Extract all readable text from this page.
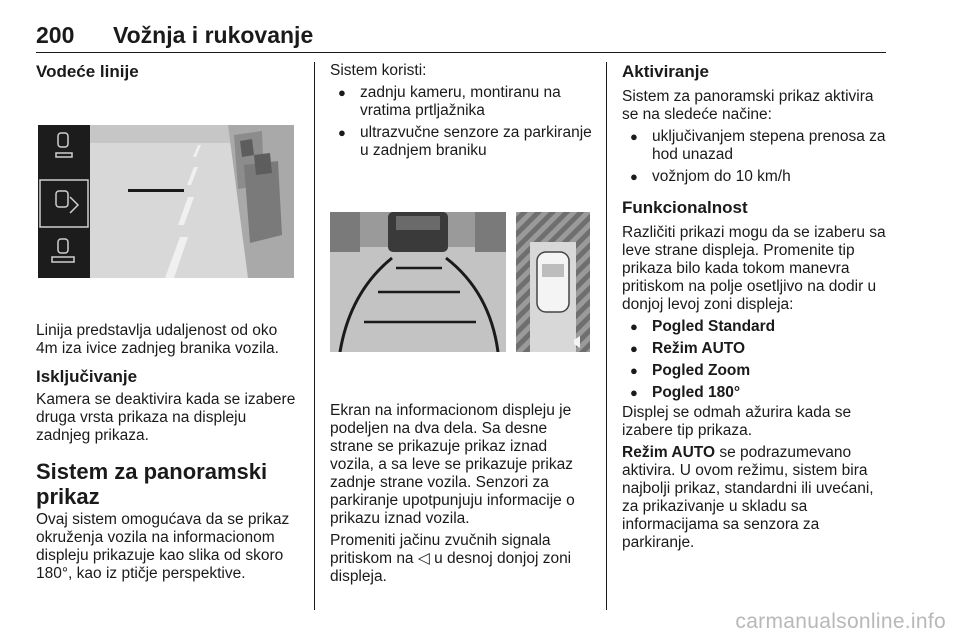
200 Vožnja i rukovanje
Vodeće linije

Linija predstavlja udaljenost od oko 4m iza ivice zadnjeg branika vozila.

Isključivanje

Kamera se deaktivira kada se izabere druga vrsta prikaza na displeju zadnjeg prikaza.

Sistem za panoramski
prikaz

Ovaj sistem omogućava da se prikaz okruženja vozila na informacionom displeju prikazuje kao slika od skoro 180°, kao iz ptičje perspektive.

Sistem koristi:

● zadnju kameru, montiranu na vratima prtljažnika
● ultrazvučne senzore za parkiranje u zadnjem braniku

Ekran na informacionom displeju je podeljen na dva dela. Sa desne strane se prikazuje prikaz iznad vozila, a sa leve se prikazuje prikaz zadnje strane vozila. Senzori za parkiranje upotpunjuju informacije o prikazu iznad vozila.

Promeniti jačinu zvučnih signala pritiskom na ◁ u desnoj donjoj zoni displeja.

Aktiviranje

Sistem za panoramski prikaz aktivira se na sledeće načine:

● uključivanjem stepena prenosa za hod unazad
● vožnjom do 10 km/h
Funkcionalnost

Različiti prikazi mogu da se izaberu sa leve strane displeja. Promenite tip prikaza bilo kada tokom manevra pritiskom na polje osetljivo na dodir u donjoj levoj zoni displeja:

● Pogled Standard
● Režim AUTO
● Pogled Zoom
● Pogled 180°

Displej se odmah ažurira kada se izabere tip prikaza.

Režim AUTO se podrazumevano aktivira. U ovom režimu, sistem bira najbolji prikaz, standardni ili uvećani, za prikazivanje u skladu sa informacijama sa senzora za parkiranje.

carmanualsonline.info
